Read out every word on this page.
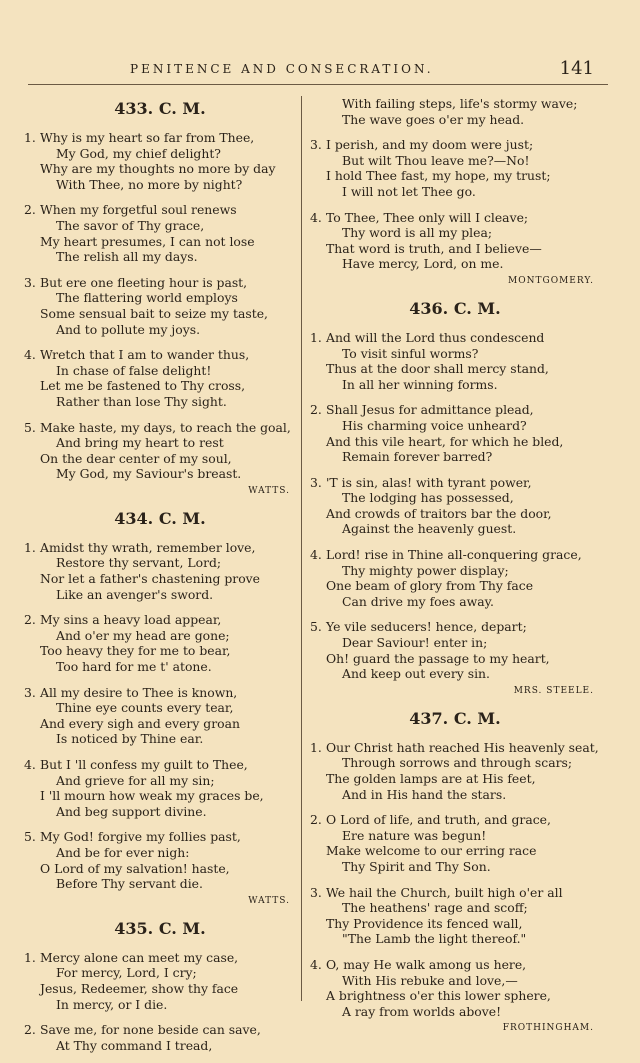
PENITENCE AND CONSECRATION.	141
433. C. M.
1. Why is my heart so far from Thee,
My God, my chief delight?
Why are my thoughts no more by day
With Thee, no more by night?
2. When my forgetful soul renews
The savor of Thy grace,
My heart presumes, I can not lose
The relish all my days.
3. But ere one fleeting hour is past,
The flattering world employs
Some sensual bait to seize my taste,
And to pollute my joys.
4. Wretch that I am to wander thus,
In chase of false delight!
Let me be fastened to Thy cross,
Rather than lose Thy sight.
5. Make haste, my days, to reach the goal,
And bring my heart to rest
On the dear center of my soul,
My God, my Saviour's breast.
WATTS.
434. C. M.
1. Amidst thy wrath, remember love,
Restore thy servant, Lord;
Nor let a father's chastening prove
Like an avenger's sword.
2. My sins a heavy load appear,
And o'er my head are gone;
Too heavy they for me to bear,
Too hard for me t' atone.
3. All my desire to Thee is known,
Thine eye counts every tear,
And every sigh and every groan
Is noticed by Thine ear.
4. But I 'll confess my guilt to Thee,
And grieve for all my sin;
I 'll mourn how weak my graces be,
And beg support divine.
5. My God! forgive my follies past,
And be for ever nigh:
O Lord of my salvation! haste,
Before Thy servant die.
WATTS.
435. C. M.
1. Mercy alone can meet my case,
For mercy, Lord, I cry;
Jesus, Redeemer, show thy face
In mercy, or I die.
2. Save me, for none beside can save,
At Thy command I tread,
With failing steps, life's stormy wave;
The wave goes o'er my head.
3. I perish, and my doom were just;
But wilt Thou leave me?—No!
I hold Thee fast, my hope, my trust;
I will not let Thee go.
4. To Thee, Thee only will I cleave;
Thy word is all my plea;
That word is truth, and I believe—
Have mercy, Lord, on me.
MONTGOMERY.
436. C. M.
1. And will the Lord thus condescend
To visit sinful worms?
Thus at the door shall mercy stand,
In all her winning forms.
2. Shall Jesus for admittance plead,
His charming voice unheard?
And this vile heart, for which he bled,
Remain forever barred?
3. 'T is sin, alas! with tyrant power,
The lodging has possessed,
And crowds of traitors bar the door,
Against the heavenly guest.
4. Lord! rise in Thine all-conquering grace,
Thy mighty power display;
One beam of glory from Thy face
Can drive my foes away.
5. Ye vile seducers! hence, depart;
Dear Saviour! enter in;
Oh! guard the passage to my heart,
And keep out every sin.
MRS. STEELE.
437. C. M.
1. Our Christ hath reached His heavenly seat,
Through sorrows and through scars;
The golden lamps are at His feet,
And in His hand the stars.
2. O Lord of life, and truth, and grace,
Ere nature was begun!
Make welcome to our erring race
Thy Spirit and Thy Son.
3. We hail the Church, built high o'er all
The heathens' rage and scoff;
Thy Providence its fenced wall,
"The Lamb the light thereof."
4. O, may He walk among us here,
With His rebuke and love,—
A brightness o'er this lower sphere,
A ray from worlds above!
FROTHINGHAM.
